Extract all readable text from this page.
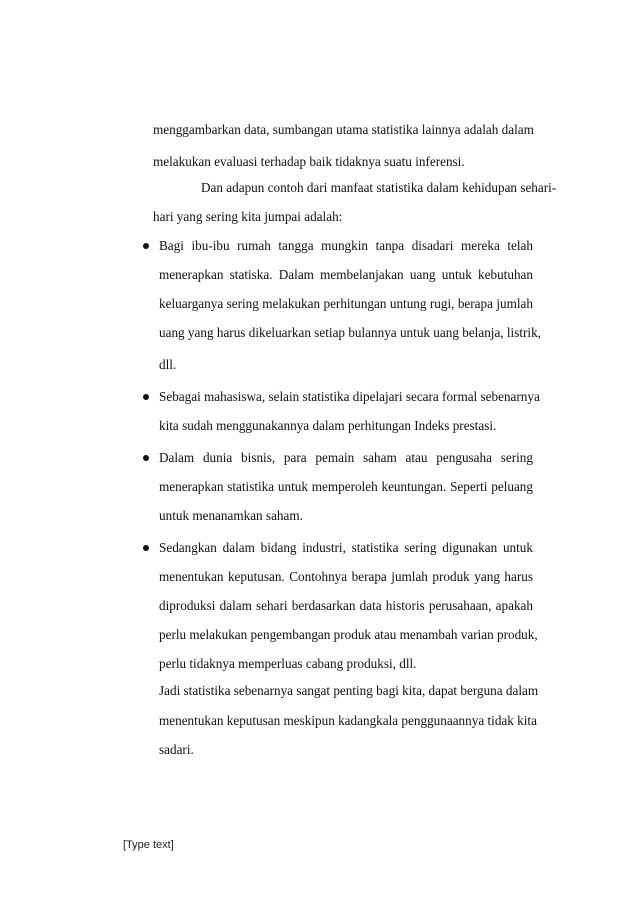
menggambarkan data, sumbangan utama statistika lainnya adalah dalam
melakukan evaluasi terhadap baik tidaknya suatu inferensi.
Dan adapun contoh dari manfaat statistika dalam kehidupan sehari-
hari yang sering kita jumpai adalah:
Bagi ibu-ibu rumah tangga mungkin tanpa disadari mereka telah
menerapkan statiska. Dalam membelanjakan uang untuk kebutuhan
keluarganya sering melakukan perhitungan untung rugi, berapa jumlah
uang yang harus dikeluarkan setiap bulannya untuk uang belanja, listrik,
dll.
Sebagai mahasiswa, selain statistika dipelajari secara formal sebenarnya
kita sudah menggunakannya dalam perhitungan Indeks prestasi.
Dalam dunia bisnis, para pemain saham atau pengusaha sering
menerapkan statistika untuk memperoleh keuntungan. Seperti peluang
untuk menanamkan saham.
Sedangkan dalam bidang industri, statistika sering digunakan untuk
menentukan keputusan. Contohnya berapa jumlah produk yang harus
diproduksi dalam sehari berdasarkan data historis perusahaan, apakah
perlu melakukan pengembangan produk atau menambah varian produk,
perlu tidaknya memperluas cabang produksi, dll.
Jadi statistika sebenarnya sangat penting bagi kita, dapat berguna dalam
menentukan keputusan meskipun kadangkala penggunaannya tidak kita
sadari.
[Type text]
